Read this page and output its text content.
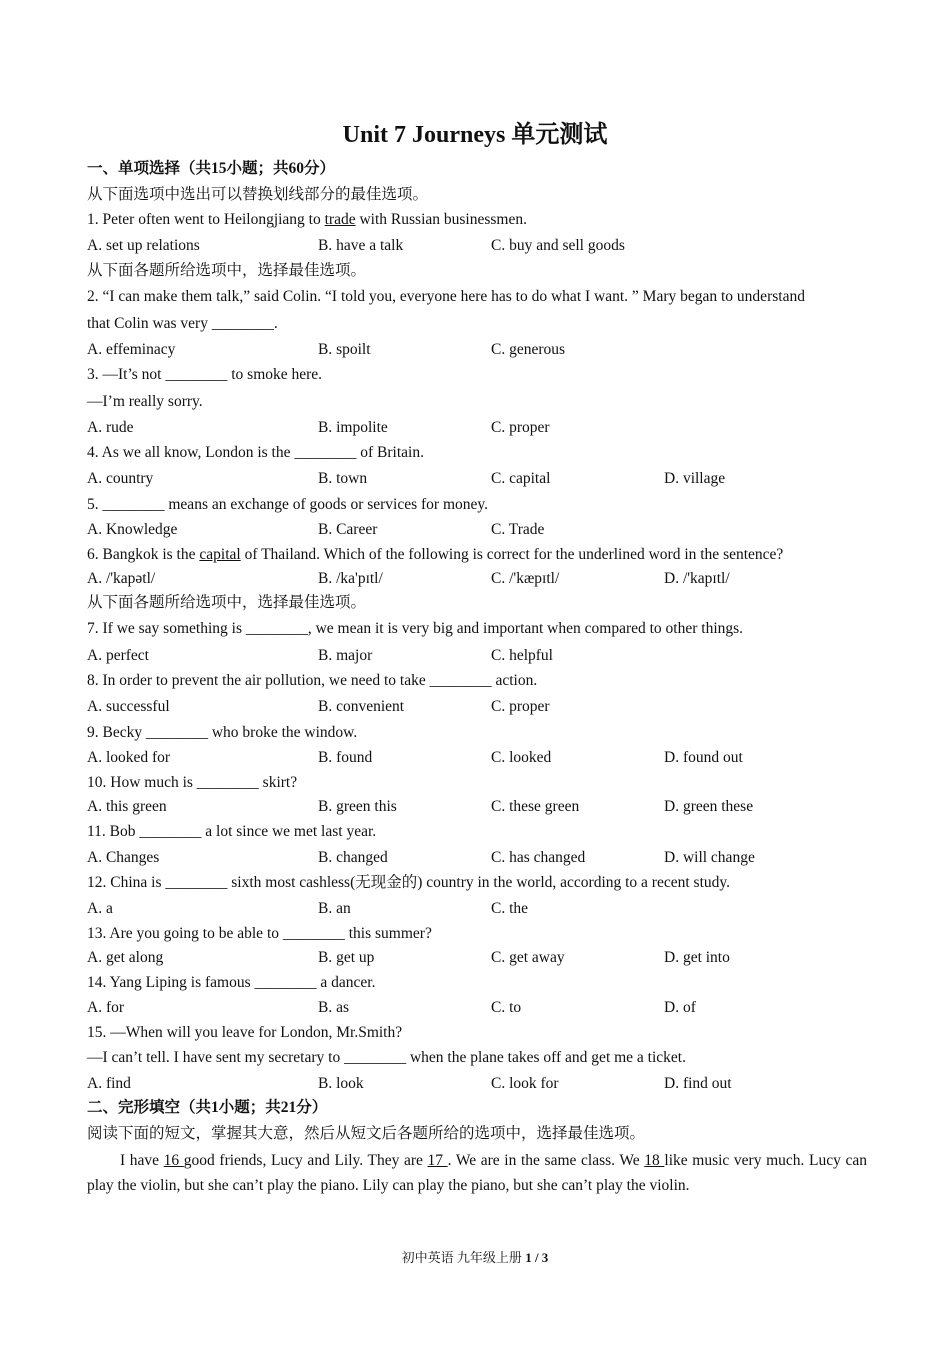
Unit 7 Journeys 单元测试
一、单项选择（共15小题；共60分）
从下面选项中选出可以替换划线部分的最佳选项。
1. Peter often went to Heilongjiang to trade with Russian businessmen.
A. set up relations	B. have a talk	C. buy and sell goods
从下面各题所给选项中，选择最佳选项。
2. “I can make them talk,” said Colin. “I told you, everyone here has to do what I want. ” Mary began to understand
that Colin was very ________.
A. effeminacy	B. spoilt	C. generous
3. —It’s not ________ to smoke here.
—I’m really sorry.
A. rude	B. impolite	C. proper
4. As we all know, London is the ________ of Britain.
A. country	B. town	C. capital	D. village
5. ________ means an exchange of goods or services for money.
A. Knowledge	B. Career	C. Trade
6. Bangkok is the capital of Thailand. Which of the following is correct for the underlined word in the sentence?
A. /'kapətl/	B. /ka'pɪtl/	C. /'kæpɪtl/	D. /'kapɪtl/
从下面各题所给选项中，选择最佳选项。
7. If we say something is ________, we mean it is very big and important when compared to other things.
A. perfect	B. major	C. helpful
8. In order to prevent the air pollution, we need to take ________ action.
A. successful	B. convenient	C. proper
9. Becky ________ who broke the window.
A. looked for	B. found	C. looked	D. found out
10. How much is ________ skirt?
A. this green	B. green this	C. these green	D. green these
11. Bob ________ a lot since we met last year.
A. Changes	B. changed	C. has changed	D. will change
12. China is ________ sixth most cashless(无现金的) country in the world, according to a recent study.
A. a	B. an	C. the
13. Are you going to be able to ________ this summer?
A. get along	B. get up	C. get away	D. get into
14. Yang Liping is famous ________ a dancer.
A. for	B. as	C. to	D. of
15. —When will you leave for London, Mr.Smith?
—I can’t tell. I have sent my secretary to ________ when the plane takes off and get me a ticket.
A. find	B. look	C. look for	D. find out
二、完形填空（共1小题；共21分）
阅读下面的短文，掌握其大意，然后从短文后各题所给的选项中，选择最佳选项。
I have 16 good friends, Lucy and Lily. They are 17 . We are in the same class. We 18 like music very much. Lucy can play the violin, but she can’t play the piano. Lily can play the piano, but she can’t play the violin.
初中英语 九年级上册 1 / 3
